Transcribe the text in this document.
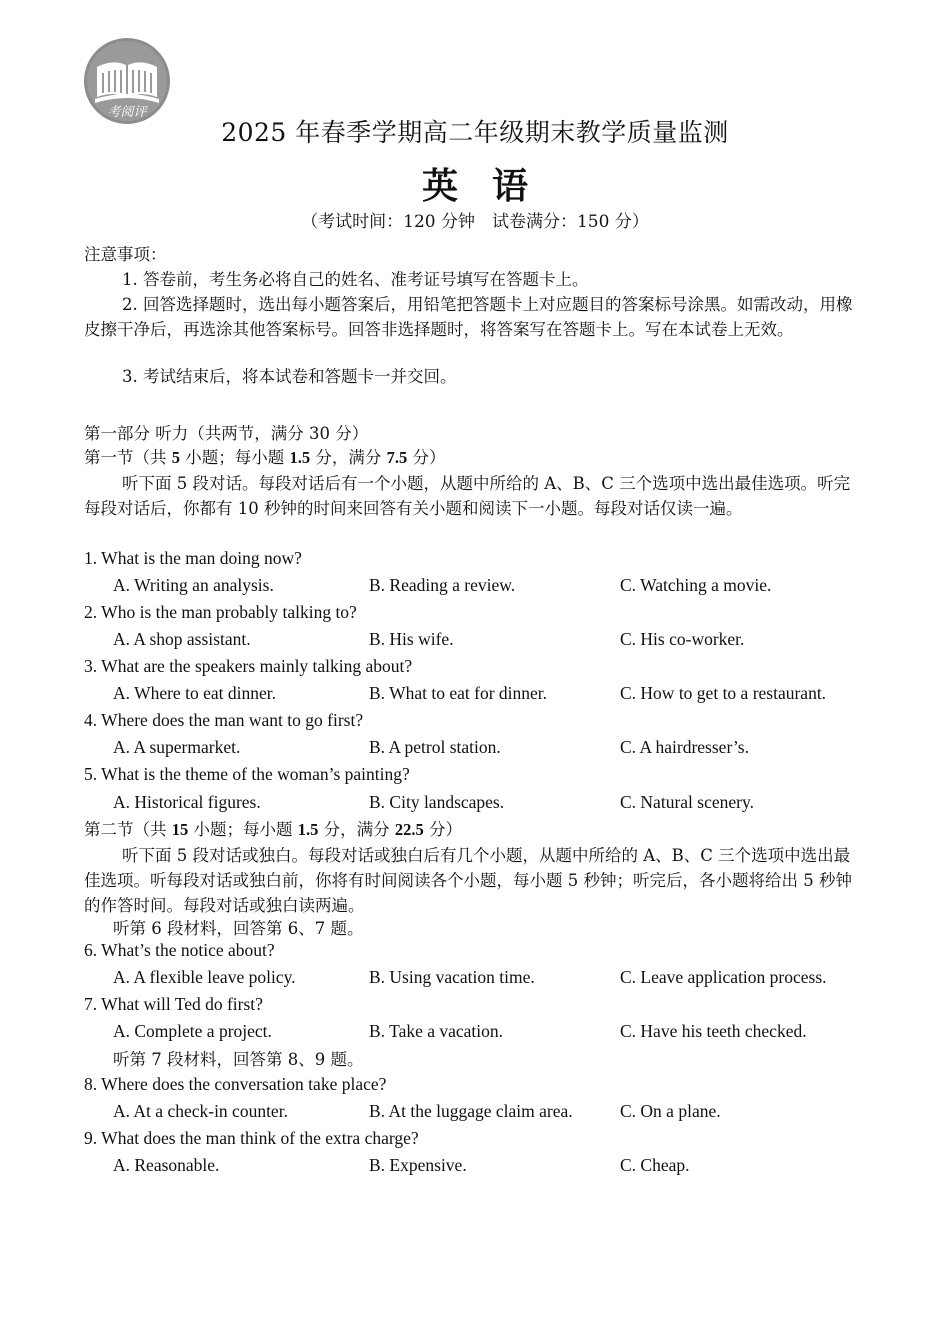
考阅评
2025 年春季学期高二年级期末教学质量监测
英语
（考试时间：120 分钟　试卷满分：150 分）
注意事项：
1. 答卷前，考生务必将自己的姓名、准考证号填写在答题卡上。
2. 回答选择题时，选出每小题答案后，用铅笔把答题卡上对应题目的答案标号涂黑。如需改动，用橡皮擦干净后，再选涂其他答案标号。回答非选择题时，将答案写在答题卡上。写在本试卷上无效。
3. 考试结束后，将本试卷和答题卡一并交回。
第一部分 听力（共两节，满分 30 分）
第一节（共 5 小题；每小题 1.5 分，满分 7.5 分）
听下面 5 段对话。每段对话后有一个小题，从题中所给的 A、B、C 三个选项中选出最佳选项。听完每段对话后，你都有 10 秒钟的时间来回答有关小题和阅读下一小题。每段对话仅读一遍。
1. What is the man doing now?
A. Writing an analysis.	B. Reading a review.	C. Watching a movie.
2. Who is the man probably talking to?
A. A shop assistant.	B. His wife.	C. His co-worker.
3. What are the speakers mainly talking about?
A. Where to eat dinner.	B. What to eat for dinner.	C. How to get to a restaurant.
4. Where does the man want to go first?
A. A supermarket.	B. A petrol station.	C. A hairdresser’s.
5. What is the theme of the woman’s painting?
A. Historical figures.	B. City landscapes.	C. Natural scenery.
第二节（共 15 小题；每小题 1.5 分，满分 22.5 分）
听下面 5 段对话或独白。每段对话或独白后有几个小题，从题中所给的 A、B、C 三个选项中选出最佳选项。听每段对话或独白前，你将有时间阅读各个小题，每小题 5 秒钟；听完后，各小题将给出 5 秒钟的作答时间。每段对话或独白读两遍。
听第 6 段材料，回答第 6、7 题。
6. What’s the notice about?
A. A flexible leave policy.	B. Using vacation time.	C. Leave application process.
7. What will Ted do first?
A. Complete a project.	B. Take a vacation.	C. Have his teeth checked.
听第 7 段材料，回答第 8、9 题。
8. Where does the conversation take place?
A. At a check-in counter.	B. At the luggage claim area.	C. On a plane.
9. What does the man think of the extra charge?
A. Reasonable.	B. Expensive.	C. Cheap.
